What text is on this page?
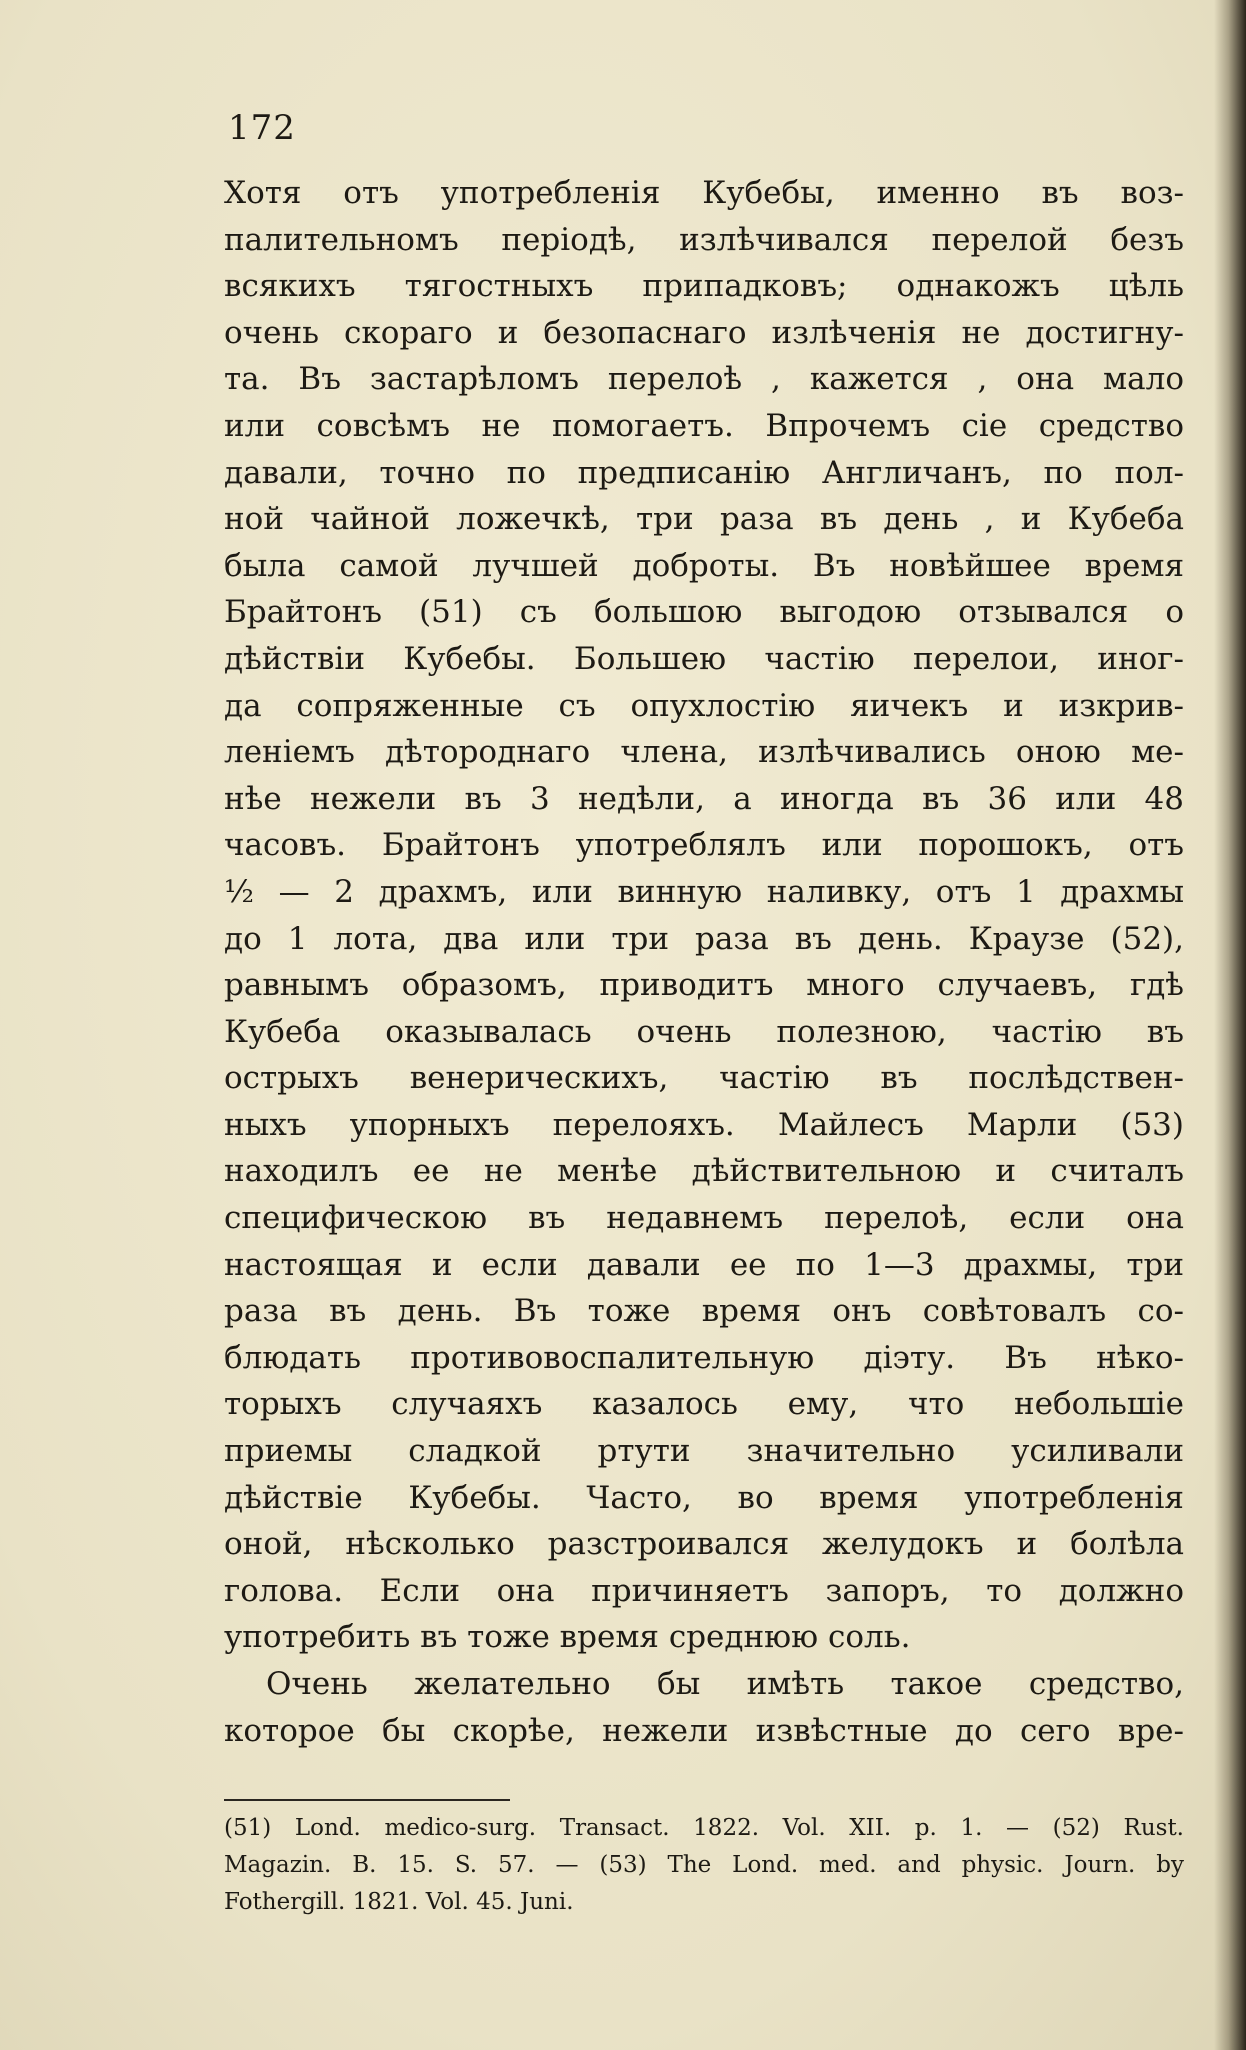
172
Хотя отъ употребленія Кубебы, именно въ воз-
палительномъ періодѣ, излѣчивался перелой безъ
всякихъ тягостныхъ припадковъ; однакожъ цѣль
очень скораго и безопаснаго излѣченія не достигну-
та. Въ застарѣломъ перелоѣ , кажется , она мало
или совсѣмъ не помогаетъ. Впрочемъ сіе средство
давали, точно по предписанію Англичанъ, по пол-
ной чайной ложечкѣ, три раза въ день , и Кубеба
была самой лучшей доброты. Въ новѣйшее время
Брайтонъ (51) съ большою выгодою отзывался о
дѣйствіи Кубебы. Большею частію перелои, иног-
да сопряженные съ опухлостію яичекъ и изкрив-
леніемъ дѣтороднаго члена, излѣчивались оною ме-
нѣе нежели въ 3 недѣли, а иногда въ 36 или 48
часовъ. Брайтонъ употреблялъ или порошокъ, отъ
½ — 2 драхмъ, или винную наливку, отъ 1 драхмы
до 1 лота, два или три раза въ день. Краузе (52),
равнымъ образомъ, приводитъ много случаевъ, гдѣ
Кубеба оказывалась очень полезною, частію въ
острыхъ венерическихъ, частію въ послѣдствен-
ныхъ упорныхъ перелояхъ. Майлесъ Марли (53)
находилъ ее не менѣе дѣйствительною и считалъ
специфическою въ недавнемъ перелоѣ, если она
настоящая и если давали ее по 1—3 драхмы, три
раза въ день. Въ тоже время онъ совѣтовалъ со-
блюдать противовоспалительную діэту. Въ нѣко-
торыхъ случаяхъ казалось ему, что небольшіе
приемы сладкой ртути значительно усиливали
дѣйствіе Кубебы. Часто, во время употребленія
оной, нѣсколько разстроивался желудокъ и болѣла
голова. Если она причиняетъ запоръ, то должно
употребить въ тоже время среднюю соль.
Очень желательно бы имѣть такое средство,
которое бы скорѣе, нежели извѣстные до сего вре-
(51) Lond. medico-surg. Transact. 1822. Vol. XII. p. 1. — (52) Rust.
Magazin. B. 15. S. 57. — (53) The Lond. med. and physic. Journ. by
Fothergill. 1821. Vol. 45. Juni.
